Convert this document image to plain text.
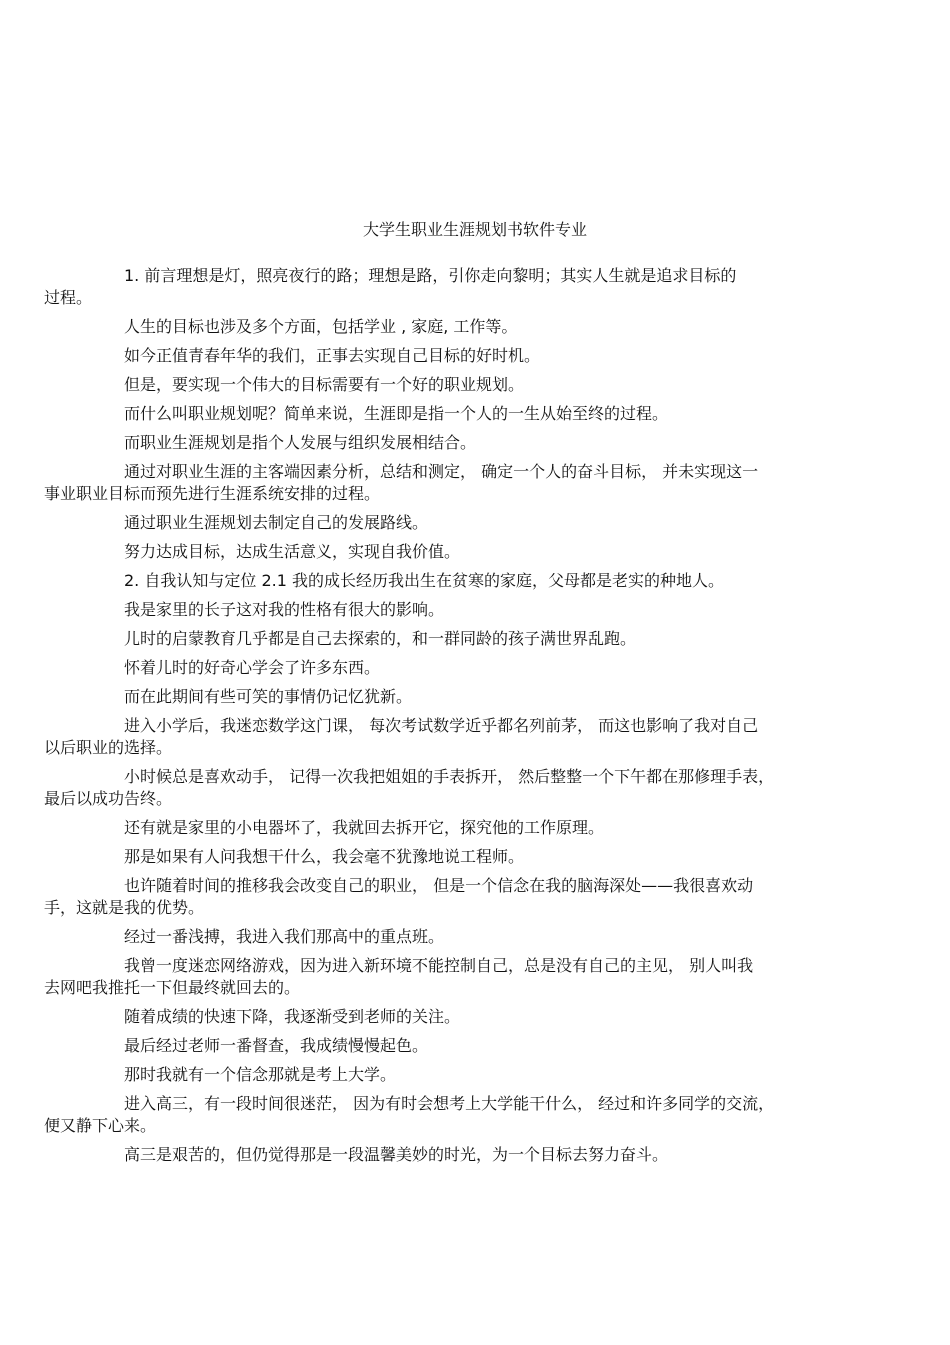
大学生职业生涯规划书软件专业

1. 前言理想是灯，照亮夜行的路；理想是路，引你走向黎明；其实人生就是追求目标的
过程。

人生的目标也涉及多个方面，包括学业 , 家庭, 工作等。

如今正值青春年华的我们，正事去实现自己目标的好时机。

但是，要实现一个伟大的目标需要有一个好的职业规划。

而什么叫职业规划呢？简单来说，生涯即是指一个人的一生从始至终的过程。

而职业生涯规划是指个人发展与组织发展相结合。

通过对职业生涯的主客端因素分析，总结和测定， 确定一个人的奋斗目标， 并未实现这一
事业职业目标而预先进行生涯系统安排的过程。

通过职业生涯规划去制定自己的发展路线。

努力达成目标，达成生活意义，实现自我价值。

2. 自我认知与定位 2.1 我的成长经历我出生在贫寒的家庭，父母都是老实的种地人。

我是家里的长子这对我的性格有很大的影响。

儿时的启蒙教育几乎都是自己去探索的，和一群同龄的孩子满世界乱跑。

怀着儿时的好奇心学会了许多东西。

而在此期间有些可笑的事情仍记忆犹新。

进入小学后，我迷恋数学这门课， 每次考试数学近乎都名列前茅， 而这也影响了我对自己
以后职业的选择。

小时候总是喜欢动手， 记得一次我把姐姐的手表拆开， 然后整整一个下午都在那修理手表，
最后以成功告终。

还有就是家里的小电器坏了，我就回去拆开它，探究他的工作原理。

那是如果有人问我想干什么，我会毫不犹豫地说工程师。

也许随着时间的推移我会改变自己的职业， 但是一个信念在我的脑海深处——我很喜欢动
手，这就是我的优势。

经过一番浅搏，我进入我们那高中的重点班。

我曾一度迷恋网络游戏，因为进入新环境不能控制自己，总是没有自己的主见， 别人叫我
去网吧我推托一下但最终就回去的。

随着成绩的快速下降，我逐渐受到老师的关注。

最后经过老师一番督查，我成绩慢慢起色。

那时我就有一个信念那就是考上大学。

进入高三，有一段时间很迷茫， 因为有时会想考上大学能干什么， 经过和许多同学的交流，
便又静下心来。

高三是艰苦的，但仍觉得那是一段温馨美妙的时光，为一个目标去努力奋斗。
